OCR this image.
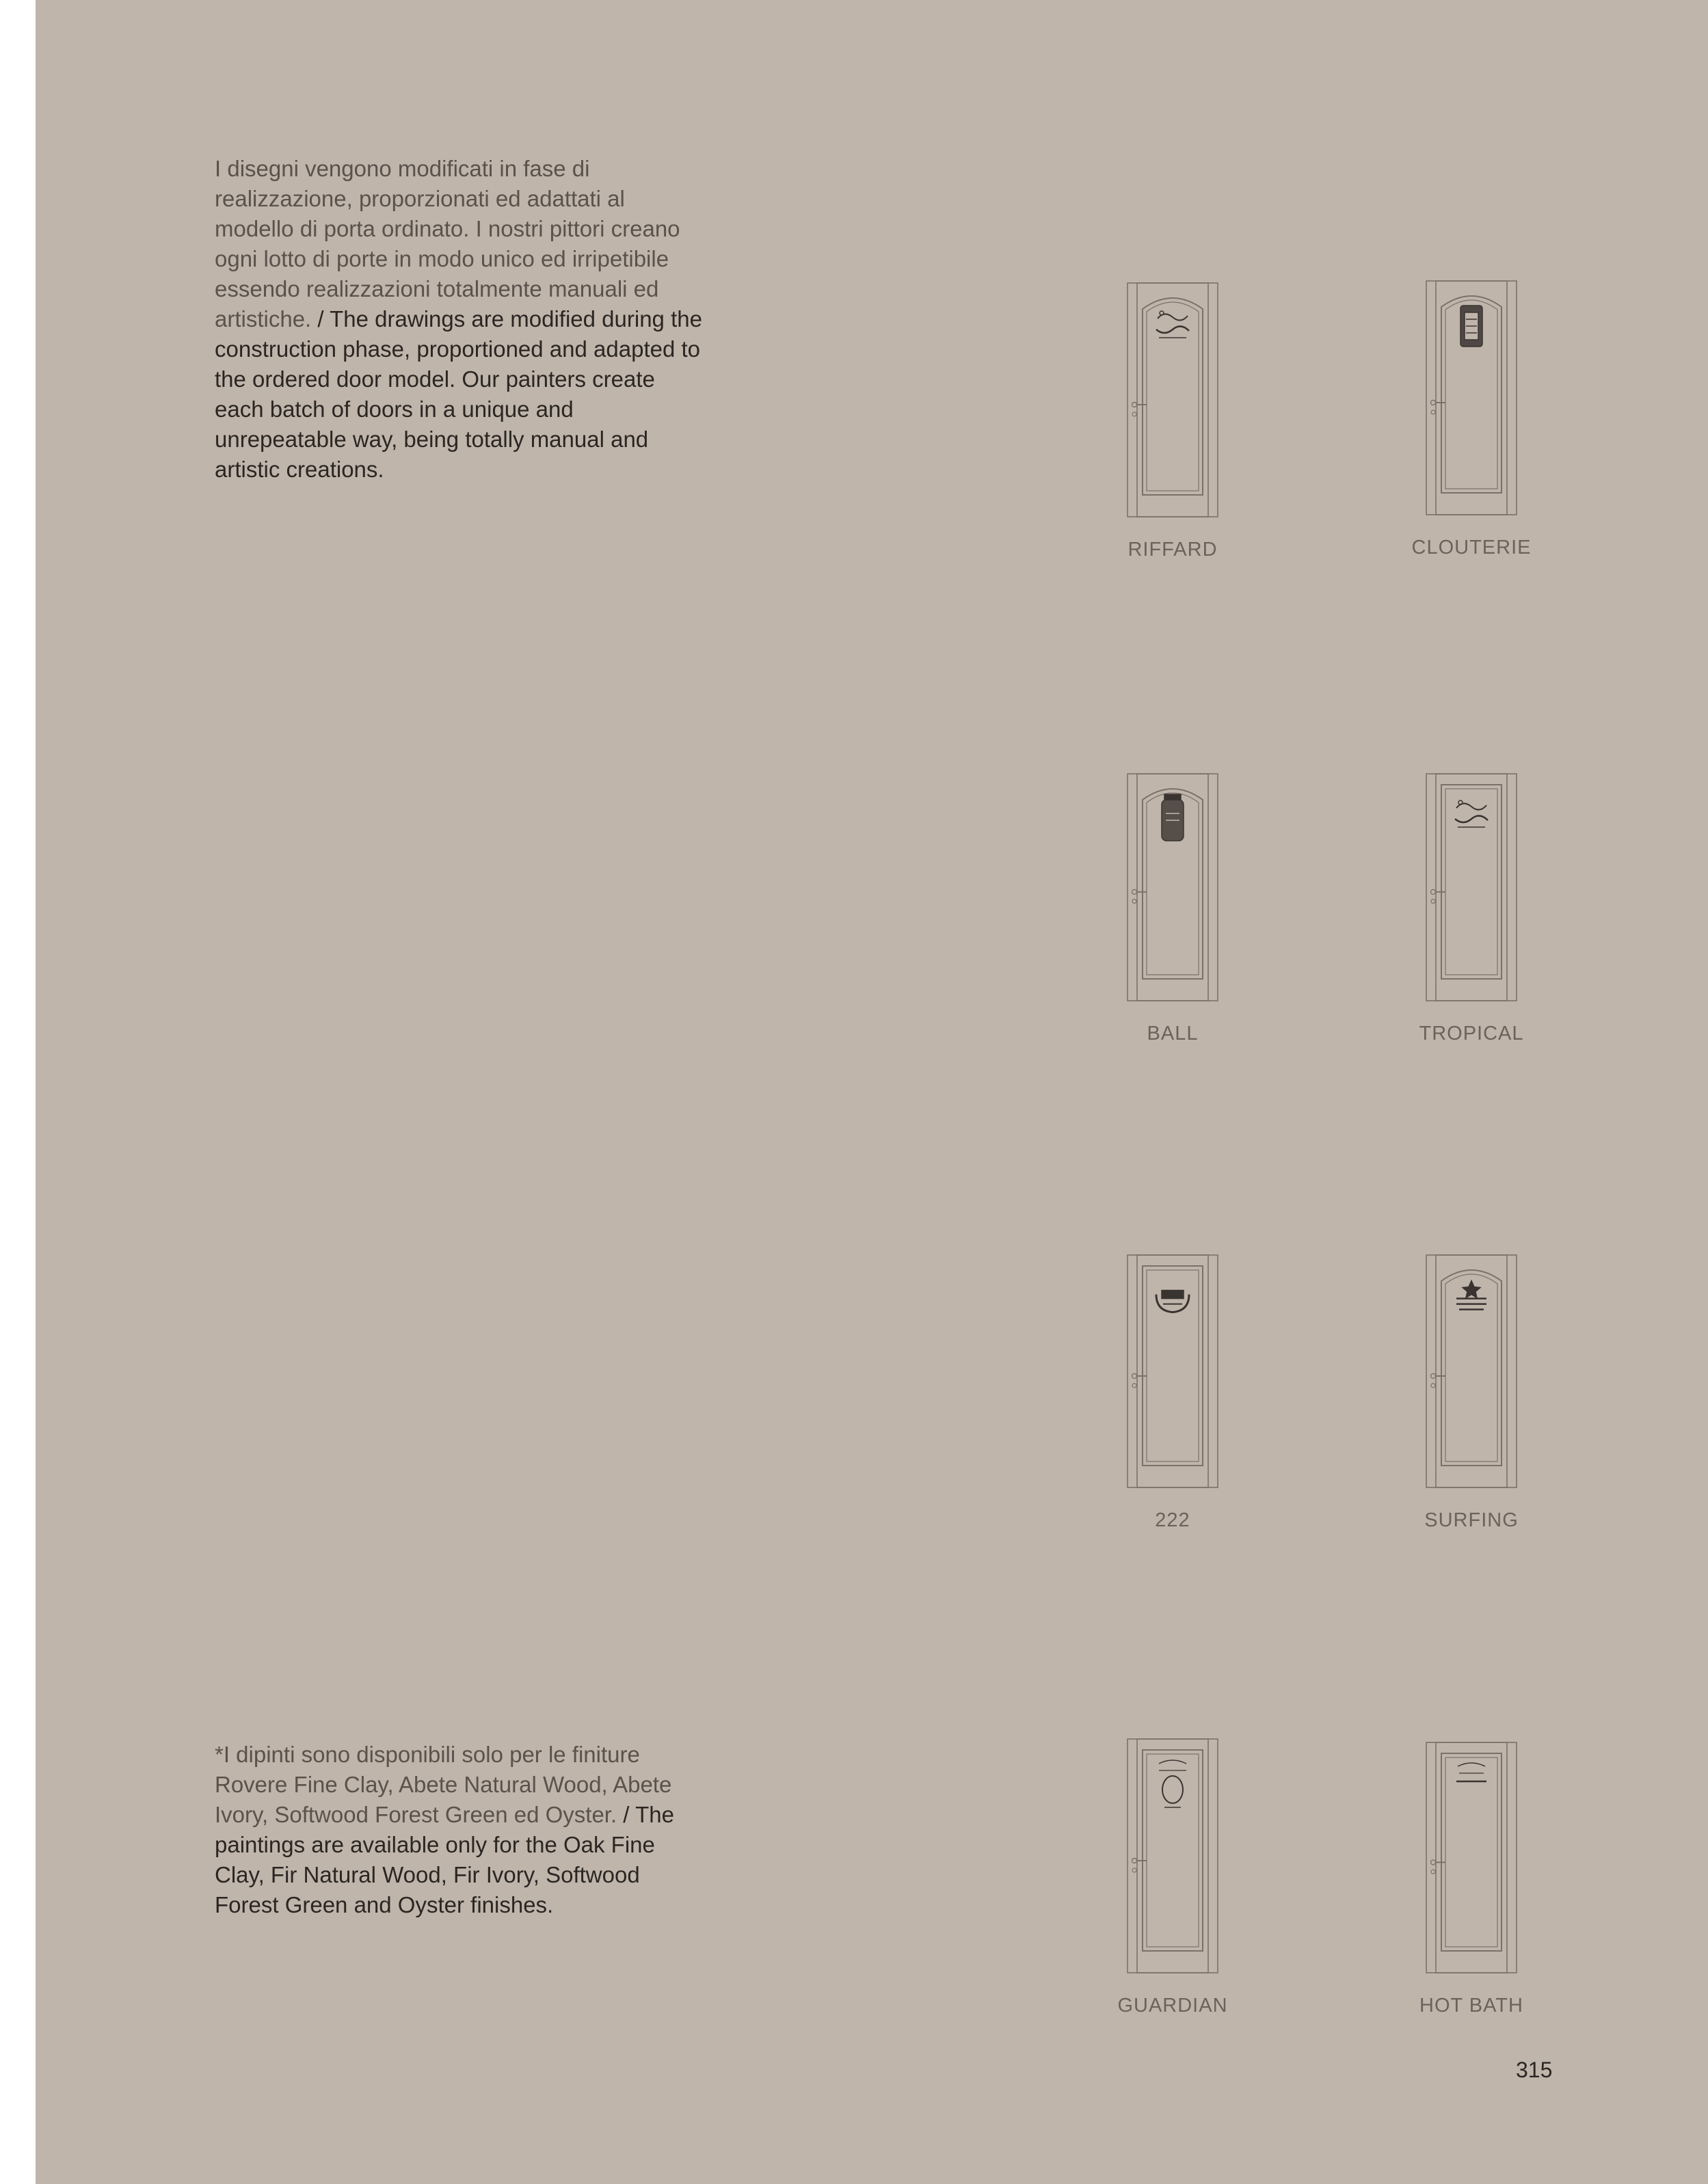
I disegni vengono modificati in fase di realizzazione, proporzionati ed adattati al modello di porta ordinato. I nostri pittori creano ogni lotto di porte in modo unico ed irripetibile essendo realizzazioni totalmente manuali ed artistiche. / The drawings are modified during the construction phase, proportioned and adapted to the ordered door model. Our painters create each batch of doors in a unique and unrepeatable way, being totally manual and artistic creations.

*I dipinti sono disponibili solo per le finiture Rovere Fine Clay, Abete Natural Wood, Abete Ivory, Softwood Forest Green ed Oyster. / The paintings are available only for the Oak Fine Clay, Fir Natural Wood, Fir Ivory, Softwood Forest Green and Oyster finishes.

RIFFARD	CLOUTERIE
BALL	TROPICAL
222	SURFING
GUARDIAN	HOT BATH
315
